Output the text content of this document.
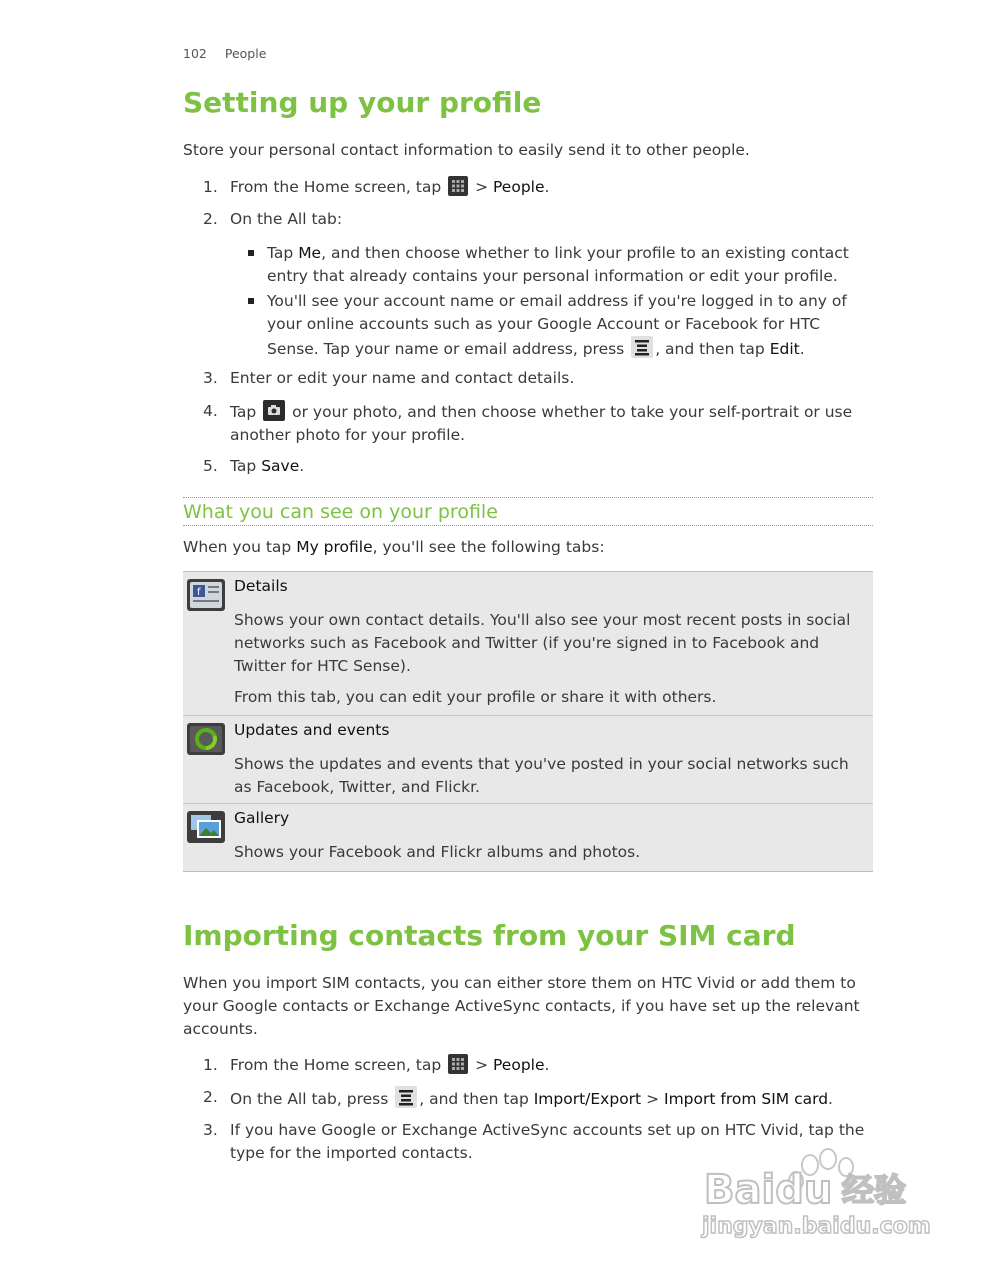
102 People
Setting up your profile

Store your personal contact information to easily send it to other people.

1. From the Home screen, tap > People.
2. On the All tab:
Tap Me, and then choose whether to link your profile to an existing contact entry that already contains your personal information or edit your profile.
You'll see your account name or email address if you're logged in to any of your online accounts such as your Google Account or Facebook for HTC Sense. Tap your name or email address, press , and then tap Edit.
3. Enter or edit your name and contact details.
4. Tap or your photo, and then choose whether to take your self-portrait or use another photo for your profile.
5. Tap Save.
What you can see on your profile

When you tap My profile, you'll see the following tabs:

f Details
Shows your own contact details. You'll also see your most recent posts in social networks such as Facebook and Twitter (if you're signed in to Facebook and Twitter for HTC Sense).
From this tab, you can edit your profile or share it with others.
Updates and events
Shows the updates and events that you've posted in your social networks such as Facebook, Twitter, and Flickr.
Gallery
Shows your Facebook and Flickr albums and photos.
Importing contacts from your SIM card

When you import SIM contacts, you can either store them on HTC Vivid or add them to your Google contacts or Exchange ActiveSync contacts, if you have set up the relevant accounts.

1. From the Home screen, tap > People.
2. On the All tab, press , and then tap Import/Export > Import from SIM card.
3. If you have Google or Exchange ActiveSync accounts set up on HTC Vivid, tap the type for the imported contacts.
Baidu 经验
jingyan.baidu.com
